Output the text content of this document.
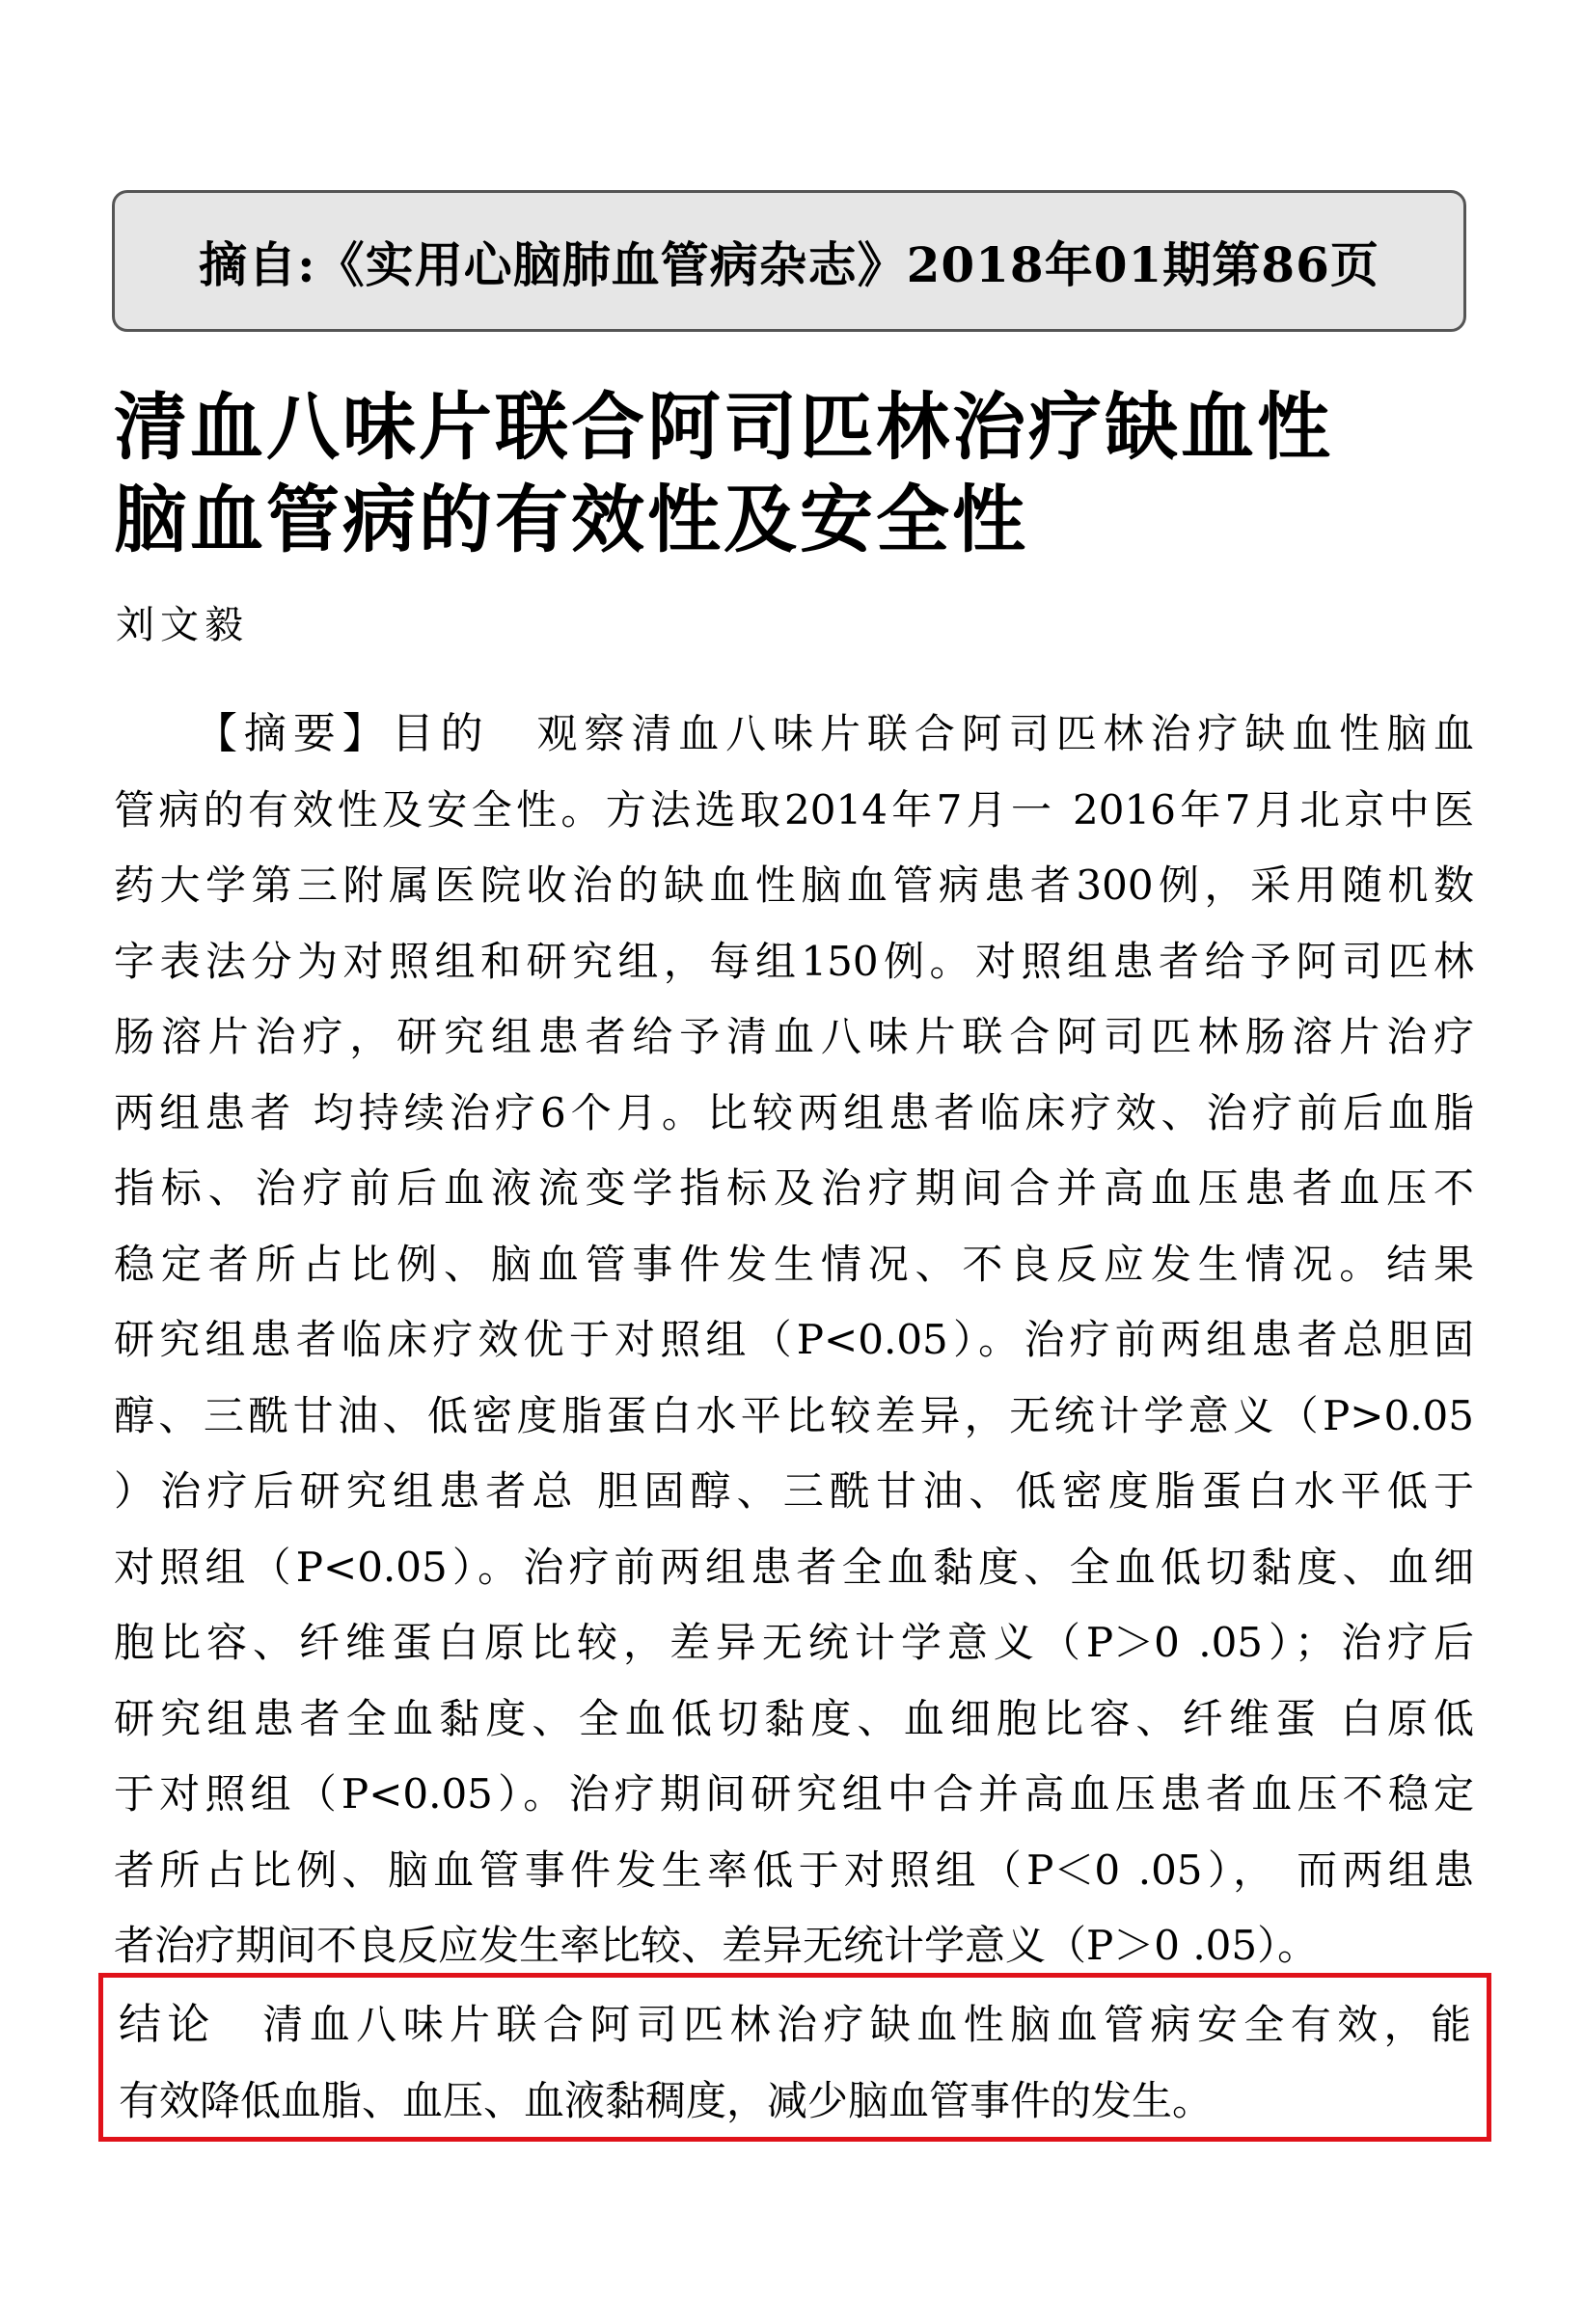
摘自:《实用心脑肺血管病杂志》2018年01期第86页
清血八味片联合阿司匹林治疗缺血性
脑血管病的有效性及安全性
刘文毅
【摘要】目的  观察清血八味片联合阿司匹林治疗缺血性脑血
管病的有效性及安全性。方法选取2014年7月一 2016年7月北京中医
药大学第三附属医院收治的缺血性脑血管病患者300例，采用随机数
字表法分为对照组和研究组，每组150例。对照组患者给予阿司匹林
肠溶片治疗，研究组患者给予清血八味片联合阿司匹林肠溶片治疗
两组患者 均持续治疗6个月。比较两组患者临床疗效、治疗前后血脂
指标、治疗前后血液流变学指标及治疗期间合并高血压患者血压不
稳定者所占比例、脑血管事件发生情况、不良反应发生情况。结果
研究组患者临床疗效优于对照组（P<0.05）。治疗前两组患者总胆固
醇、三酰甘油、低密度脂蛋白水平比较差异，无统计学意义（P>0.05
）治疗后研究组患者总 胆固醇、三酰甘油、低密度脂蛋白水平低于
对照组（P<0.05）。治疗前两组患者全血黏度、全血低切黏度、血细
胞比容、纤维蛋白原比较，差异无统计学意义（P＞0 .05）；治疗后
研究组患者全血黏度、全血低切黏度、血细胞比容、纤维蛋 白原低
于对照组（P<0.05）。治疗期间研究组中合并高血压患者血压不稳定
者所占比例、脑血管事件发生率低于对照组（P＜0 .05）， 而两组患
者治疗期间不良反应发生率比较、差异无统计学意义（P＞0 .05）。
结论  清血八味片联合阿司匹林治疗缺血性脑血管病安全有效，能
有效降低血脂、血压、血液黏稠度，减少脑血管事件的发生。
